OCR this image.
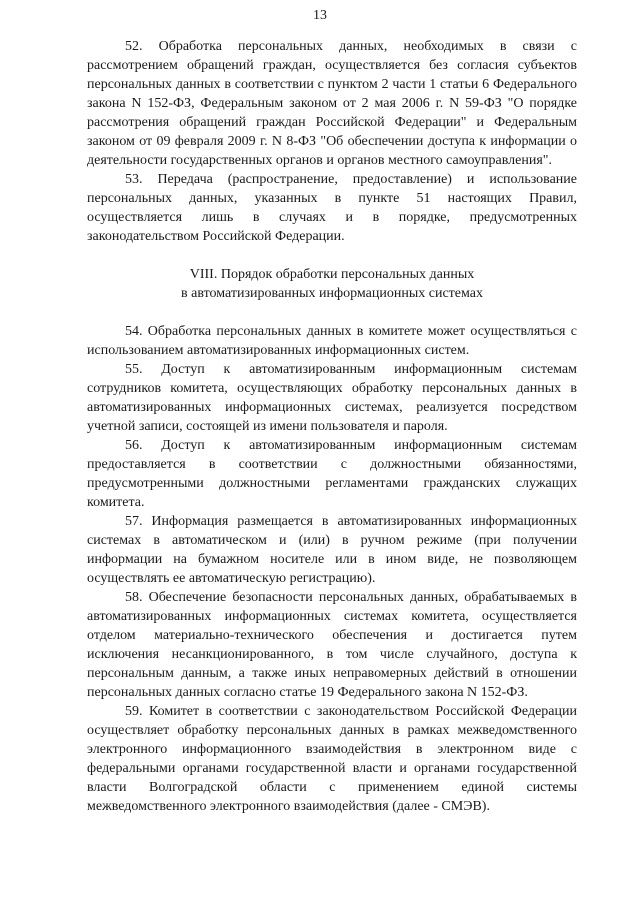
13

52. Обработка персональных данных, необходимых в связи с рассмотрением обращений граждан, осуществляется без согласия субъектов персональных данных в соответствии с пунктом 2 части 1 статьи 6 Федерального закона N 152-ФЗ, Федеральным законом от 2 мая 2006 г. N 59-ФЗ "О порядке рассмотрения обращений граждан Российской Федерации" и Федеральным законом от 09 февраля 2009 г. N 8-ФЗ "Об обеспечении доступа к информации о деятельности государственных органов и органов местного самоуправления".

53. Передача (распространение, предоставление) и использование персональных данных, указанных в пункте 51 настоящих Правил, осуществляется лишь в случаях и в порядке, предусмотренных законодательством Российской Федерации.

VIII. Порядок обработки персональных данных
в автоматизированных информационных системах

54. Обработка персональных данных в комитете может осуществляться с использованием автоматизированных информационных систем.

55. Доступ к автоматизированным информационным системам сотрудников комитета, осуществляющих обработку персональных данных в автоматизированных информационных системах, реализуется посредством учетной записи, состоящей из имени пользователя и пароля.

56. Доступ к автоматизированным информационным системам предоставляется в соответствии с должностными обязанностями, предусмотренными должностными регламентами гражданских служащих комитета.

57. Информация размещается в автоматизированных информационных системах в автоматическом и (или) в ручном режиме (при получении информации на бумажном носителе или в ином виде, не позволяющем осуществлять ее автоматическую регистрацию).

58. Обеспечение безопасности персональных данных, обрабатываемых в автоматизированных информационных системах комитета, осуществляется отделом материально-технического обеспечения и достигается путем исключения несанкционированного, в том числе случайного, доступа к персональным данным, а также иных неправомерных действий в отношении персональных данных согласно статье 19 Федерального закона N 152-ФЗ.

59. Комитет в соответствии с законодательством Российской Федерации осуществляет обработку персональных данных в рамках межведомственного электронного информационного взаимодействия в электронном виде с федеральными органами государственной власти и органами государственной власти Волгоградской области с применением единой системы межведомственного электронного взаимодействия (далее - СМЭВ).
